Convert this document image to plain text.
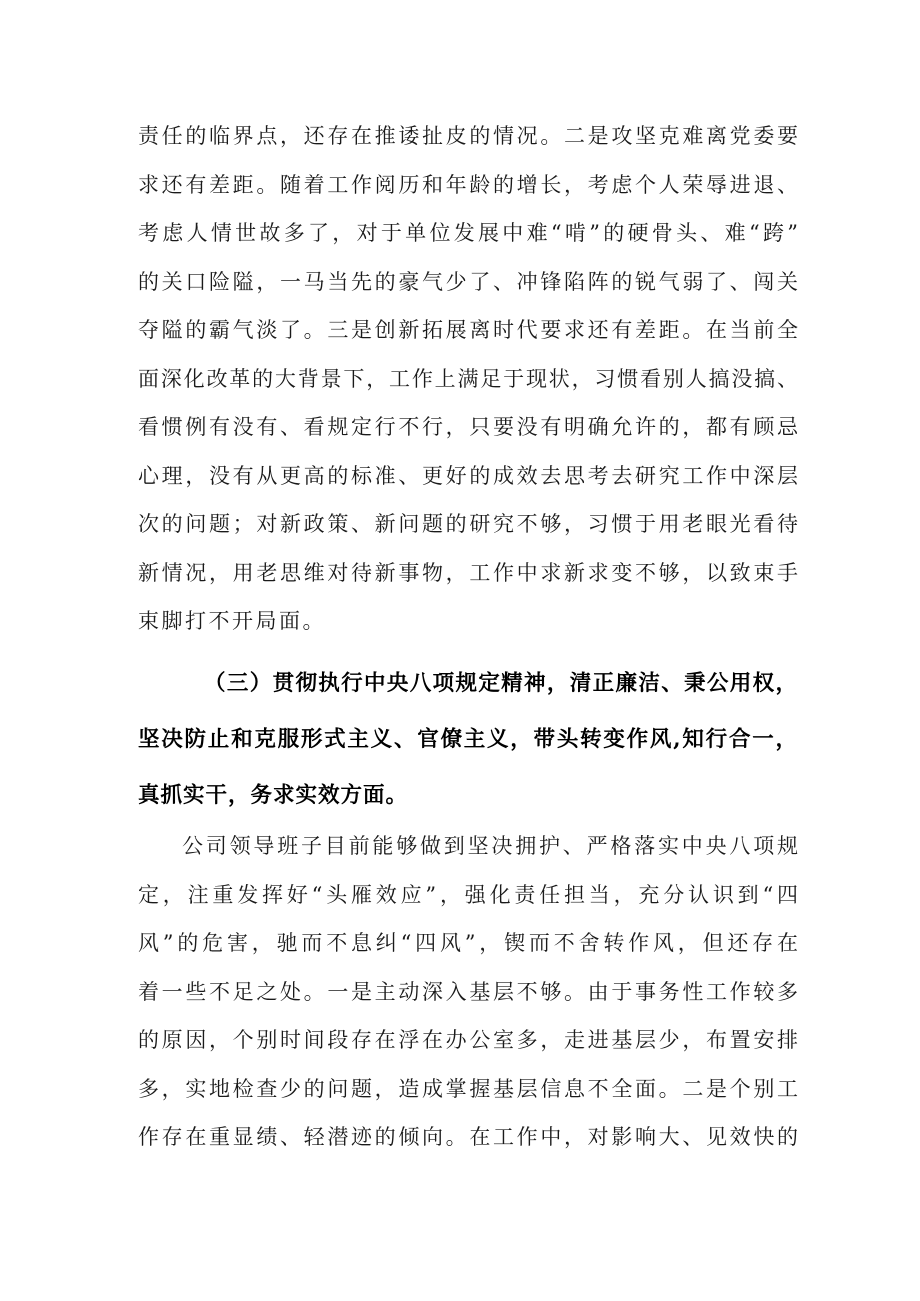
责任的临界点，还存在推诿扯皮的情况。二是攻坚克难离党委要
求还有差距。随着工作阅历和年龄的增长，考虑个人荣辱进退、
考虑人情世故多了，对于单位发展中难“啃”的硬骨头、难“跨”
的关口险隘，一马当先的豪气少了、冲锋陷阵的锐气弱了、闯关
夺隘的霸气淡了。三是创新拓展离时代要求还有差距。在当前全
面深化改革的大背景下，工作上满足于现状，习惯看别人搞没搞、
看惯例有没有、看规定行不行，只要没有明确允许的，都有顾忌
心理，没有从更高的标准、更好的成效去思考去研究工作中深层
次的问题；对新政策、新问题的研究不够，习惯于用老眼光看待
新情况，用老思维对待新事物，工作中求新求变不够，以致束手
束脚打不开局面。
（三）贯彻执行中央八项规定精神，清正廉洁、秉公用权，
坚决防止和克服形式主义、官僚主义，带头转变作风,知行合一，
真抓实干，务求实效方面。
公司领导班子目前能够做到坚决拥护、严格落实中央八项规
定，注重发挥好“头雁效应”，强化责任担当，充分认识到“四
风”的危害，驰而不息纠“四风”，锲而不舍转作风，但还存在
着一些不足之处。一是主动深入基层不够。由于事务性工作较多
的原因，个别时间段存在浮在办公室多，走进基层少，布置安排
多，实地检查少的问题，造成掌握基层信息不全面。二是个别工
作存在重显绩、轻潜迹的倾向。在工作中，对影响大、见效快的
